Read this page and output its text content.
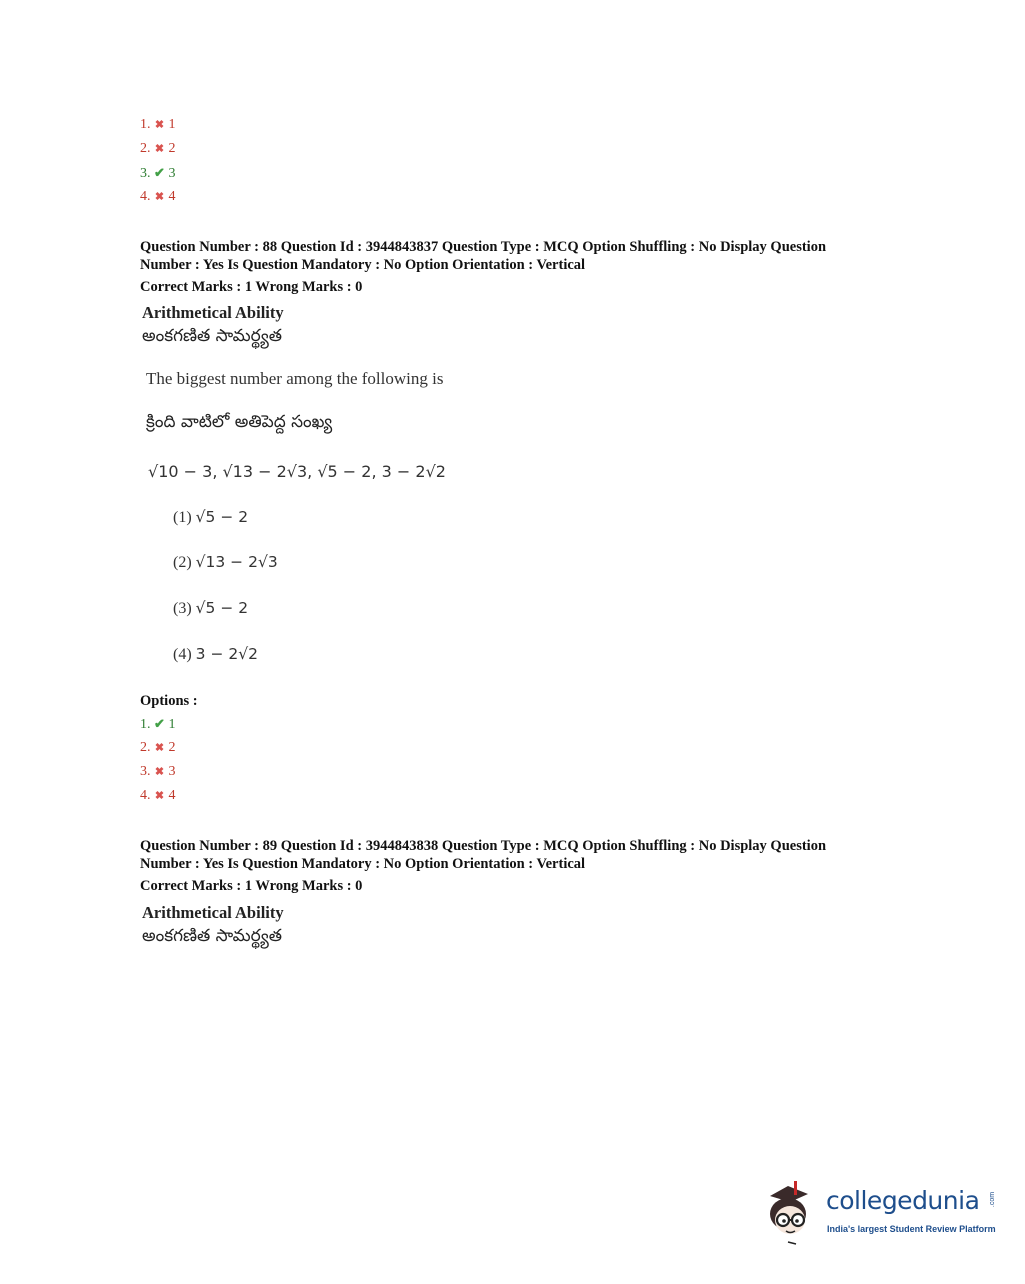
1. ✖ 1
2. ✖ 2
3. ✔ 3
4. ✖ 4
Question Number : 88 Question Id : 3944843837 Question Type : MCQ Option Shuffling : No Display Question
Number : Yes Is Question Mandatory : No Option Orientation : Vertical
Correct Marks : 1 Wrong Marks : 0
Arithmetical Ability
అంకగణిత సామర్థ్యత
The biggest number among the following is
క్రింది వాటిలో అతిపెద్ద సంఖ్య
√10 − 3, √13 − 2√3, √5 − 2, 3 − 2√2
(1) √5 − 2
(2) √13 − 2√3
(3) √5 − 2
(4) 3 − 2√2
Options :
1. ✔ 1
2. ✖ 2
3. ✖ 3
4. ✖ 4
Question Number : 89 Question Id : 3944843838 Question Type : MCQ Option Shuffling : No Display Question
Number : Yes Is Question Mandatory : No Option Orientation : Vertical
Correct Marks : 1 Wrong Marks : 0
Arithmetical Ability
అంకగణిత సామర్థ్యత
collegedunia .com
India's largest Student Review Platform
